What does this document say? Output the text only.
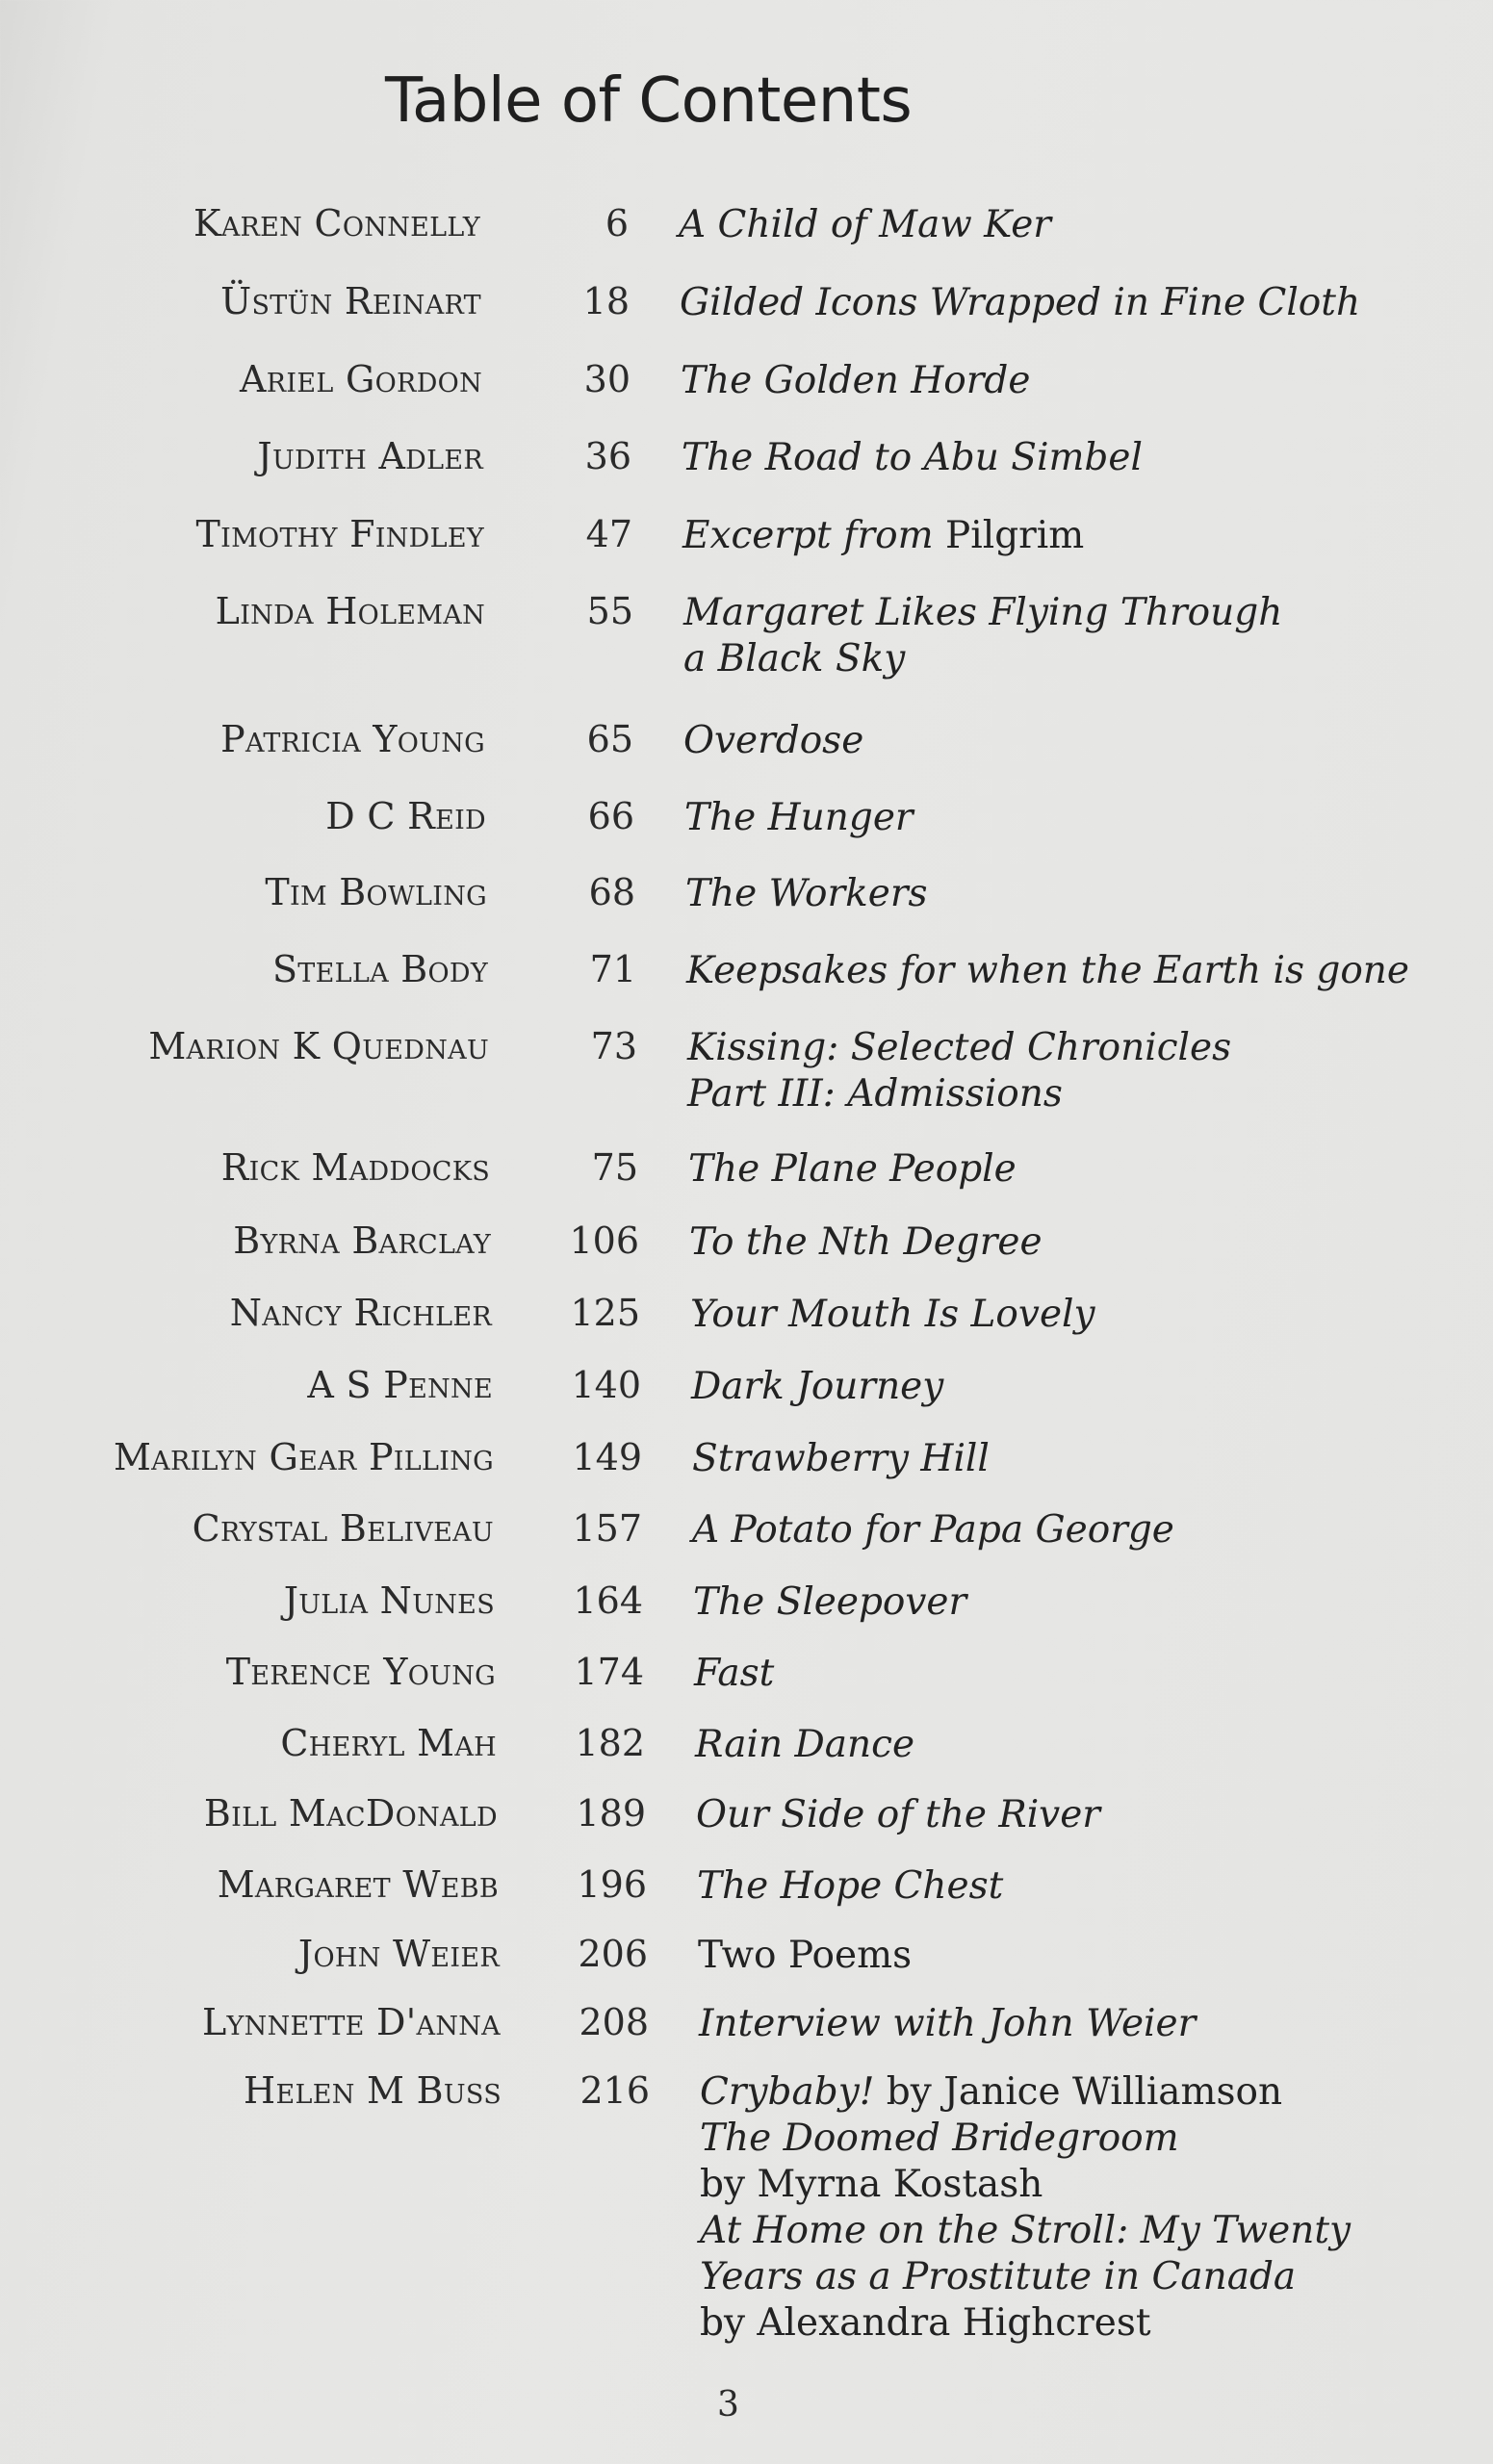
Table of Contents
Karen Connelly	6 A Child of Maw Ker
Üstün Reinart	18 Gilded Icons Wrapped in Fine Cloth
Ariel Gordon	30 The Golden Horde
Judith Adler	36 The Road to Abu Simbel
Timothy Findley	47 Excerpt from Pilgrim
Linda Holeman	55 Margaret Likes Flying Through
a Black Sky
Patricia Young	65 Overdose
D C Reid	66 The Hunger
Tim Bowling	68 The Workers
Stella Body	71 Keepsakes for when the Earth is gone
Marion K Quednau	73 Kissing: Selected Chronicles
Part III: Admissions
Rick Maddocks	75 The Plane People
Byrna Barclay 106 To the Nth Degree
Nancy Richler 125 Your Mouth Is Lovely
A S Penne 140 Dark Journey
Marilyn Gear Pilling 149 Strawberry Hill
Crystal Beliveau 157 A Potato for Papa George
Julia Nunes 164 The Sleepover
Terence Young 174 Fast
Cheryl Mah 182 Rain Dance
Bill MacDonald 189 Our Side of the River
Margaret Webb 196 The Hope Chest
John Weier 206 Two Poems
Lynnette D'anna 208 Interview with John Weier
Helen M Buss 216 Crybaby! by Janice Williamson
The Doomed Bridegroom
by Myrna Kostash
At Home on the Stroll: My Twenty
Years as a Prostitute in Canada
by Alexandra Highcrest
3
